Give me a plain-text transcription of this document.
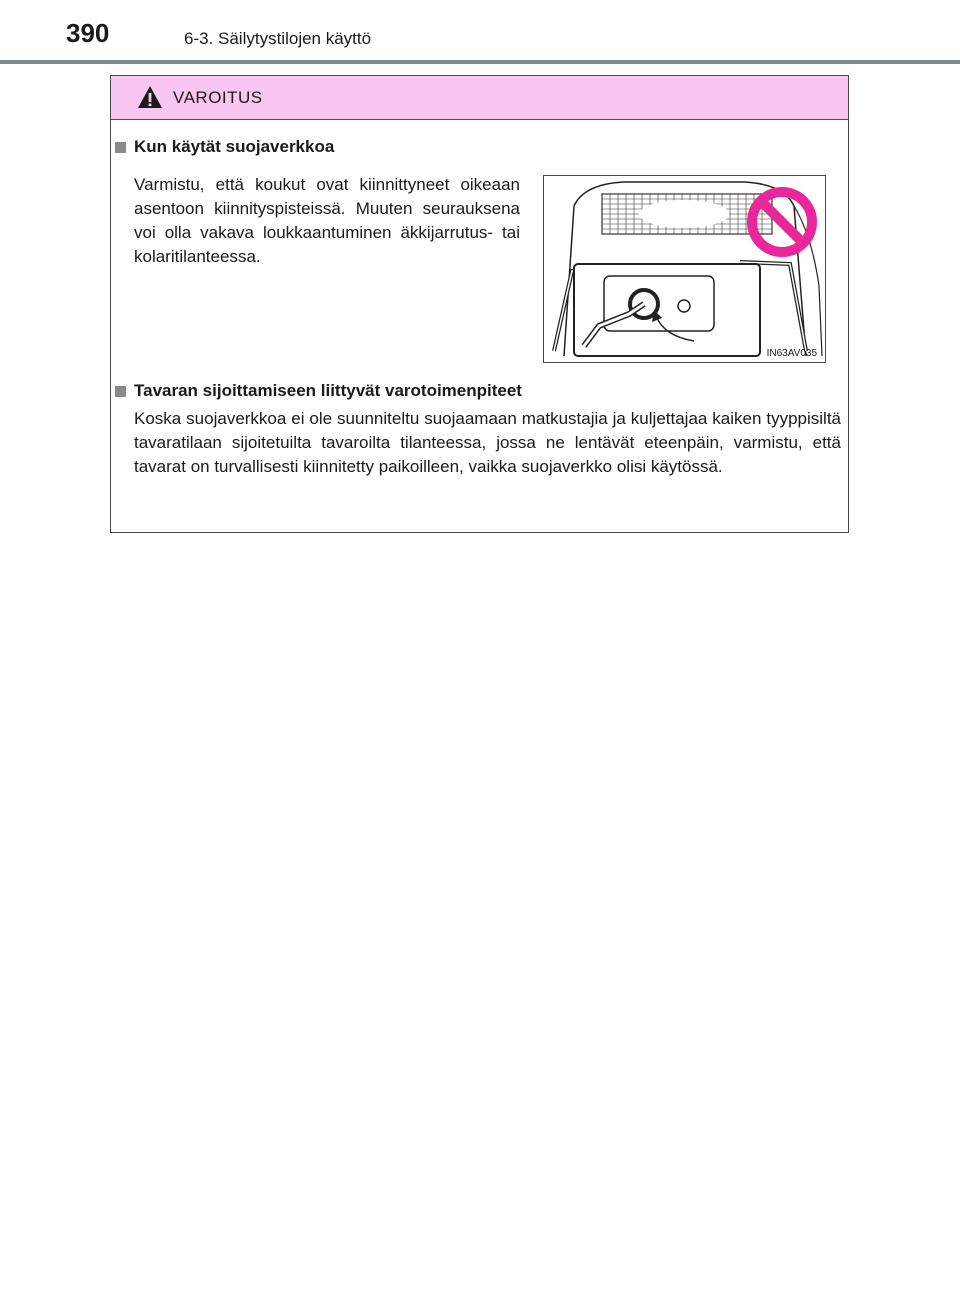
390	6-3. Säilytystilojen käyttö
VAROITUS
Kun käytät suojaverkkoa
Varmistu, että koukut ovat kiinnittyneet oikeaan asentoon kiinnityspisteissä. Muuten seurauksena voi olla vakava loukkaantuminen äkkijarrutus- tai kolaritilanteessa.
IN63AV035
Tavaran sijoittamiseen liittyvät varotoimenpiteet
Koska suojaverkkoa ei ole suunniteltu suojaamaan matkustajia ja kuljettajaa kaiken tyyppisiltä tavaratilaan sijoitetuilta tavaroilta tilanteessa, jossa ne lentävät eteenpäin, varmistu, että tavarat on turvallisesti kiinnitetty paikoilleen, vaikka suojaverkko olisi käytössä.
